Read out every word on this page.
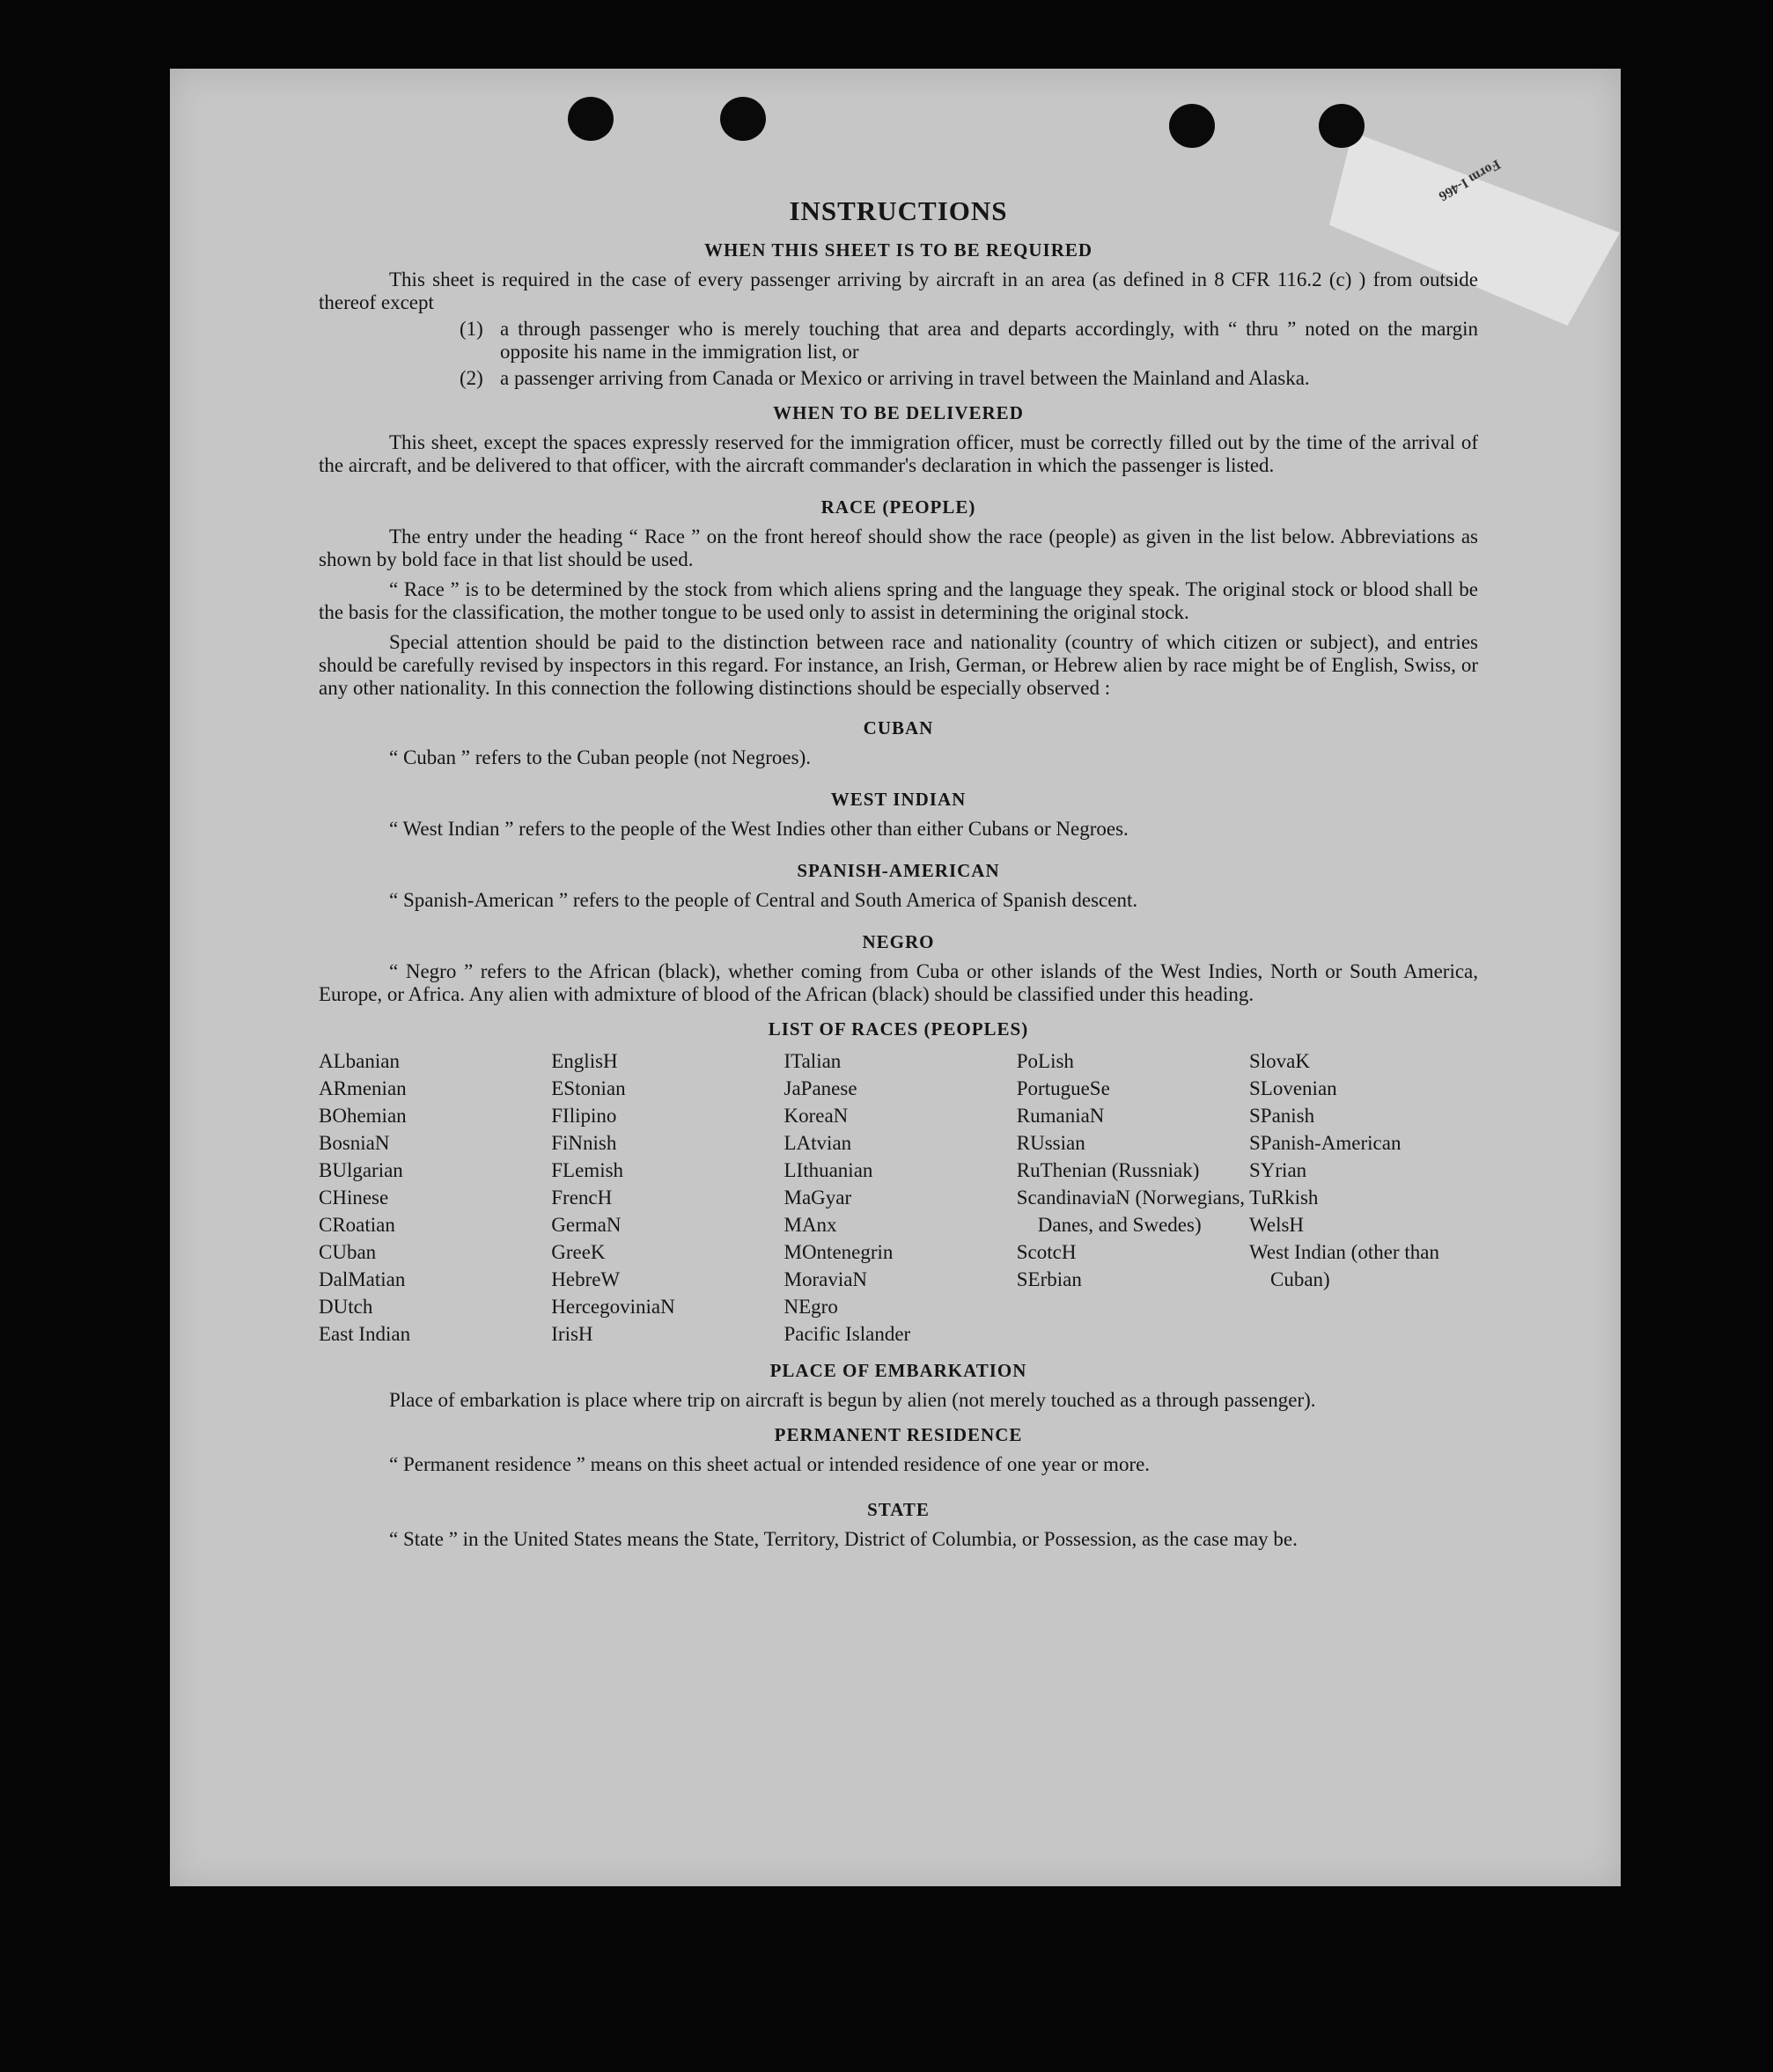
Form I-466
INSTRUCTIONS
WHEN THIS SHEET IS TO BE REQUIRED

This sheet is required in the case of every passenger arriving by aircraft in an area (as defined in 8 CFR 116.2 (c) ) from outside thereof except

(1) a through passenger who is merely touching that area and departs accordingly, with “ thru ” noted on the margin opposite his name in the immigration list, or
(2) a passenger arriving from Canada or Mexico or arriving in travel between the Mainland and Alaska.
WHEN TO BE DELIVERED

This sheet, except the spaces expressly reserved for the immigration officer, must be correctly filled out by the time of the arrival of the aircraft, and be delivered to that officer, with the aircraft commander's declaration in which the passenger is listed.

RACE (PEOPLE)

The entry under the heading “ Race ” on the front hereof should show the race (people) as given in the list below. Abbreviations as shown by bold face in that list should be used.

“ Race ” is to be determined by the stock from which aliens spring and the language they speak. The original stock or blood shall be the basis for the classification, the mother tongue to be used only to assist in determining the original stock.

Special attention should be paid to the distinction between race and nationality (country of which citizen or subject), and entries should be carefully revised by inspectors in this regard. For instance, an Irish, German, or Hebrew alien by race might be of English, Swiss, or any other nationality. In this connection the following distinctions should be especially observed :

CUBAN

“ Cuban ” refers to the Cuban people (not Negroes).

WEST INDIAN

“ West Indian ” refers to the people of the West Indies other than either Cubans or Negroes.

SPANISH-AMERICAN

“ Spanish-American ” refers to the people of Central and South America of Spanish descent.

NEGRO

“ Negro ” refers to the African (black), whether coming from Cuba or other islands of the West Indies, North or South America, Europe, or Africa. Any alien with admixture of blood of the African (black) should be classified under this heading.

LIST OF RACES (PEOPLES)
ALbanian
ARmenian
BOhemian
BosniaN
BUlgarian
CHinese
CRoatian
CUban
DalMatian
DUtch
East Indian
EnglisH
EStonian
FIlipino
FiNnish
FLemish
FrencH
GermaN
GreeK
HebreW
HercegoviniaN
IrisH
ITalian
JaPanese
KoreaN
LAtvian
LIthuanian
MaGyar
MAnx
MOntenegrin
MoraviaN
NEgro
Pacific Islander
PoLish
PortugueSe
RumaniaN
RUssian
RuThenian (Russniak)
ScandinaviaN (Norwegians, Danes, and Swedes)
ScotcH
SErbian
SlovaK
SLovenian
SPanish
SPanish-American
SYrian
TuRkish
WelsH
West Indian (other than Cuban)
PLACE OF EMBARKATION

Place of embarkation is place where trip on aircraft is begun by alien (not merely touched as a through passenger).

PERMANENT RESIDENCE

“ Permanent residence ” means on this sheet actual or intended residence of one year or more.

STATE

“ State ” in the United States means the State, Territory, District of Columbia, or Possession, as the case may be.
